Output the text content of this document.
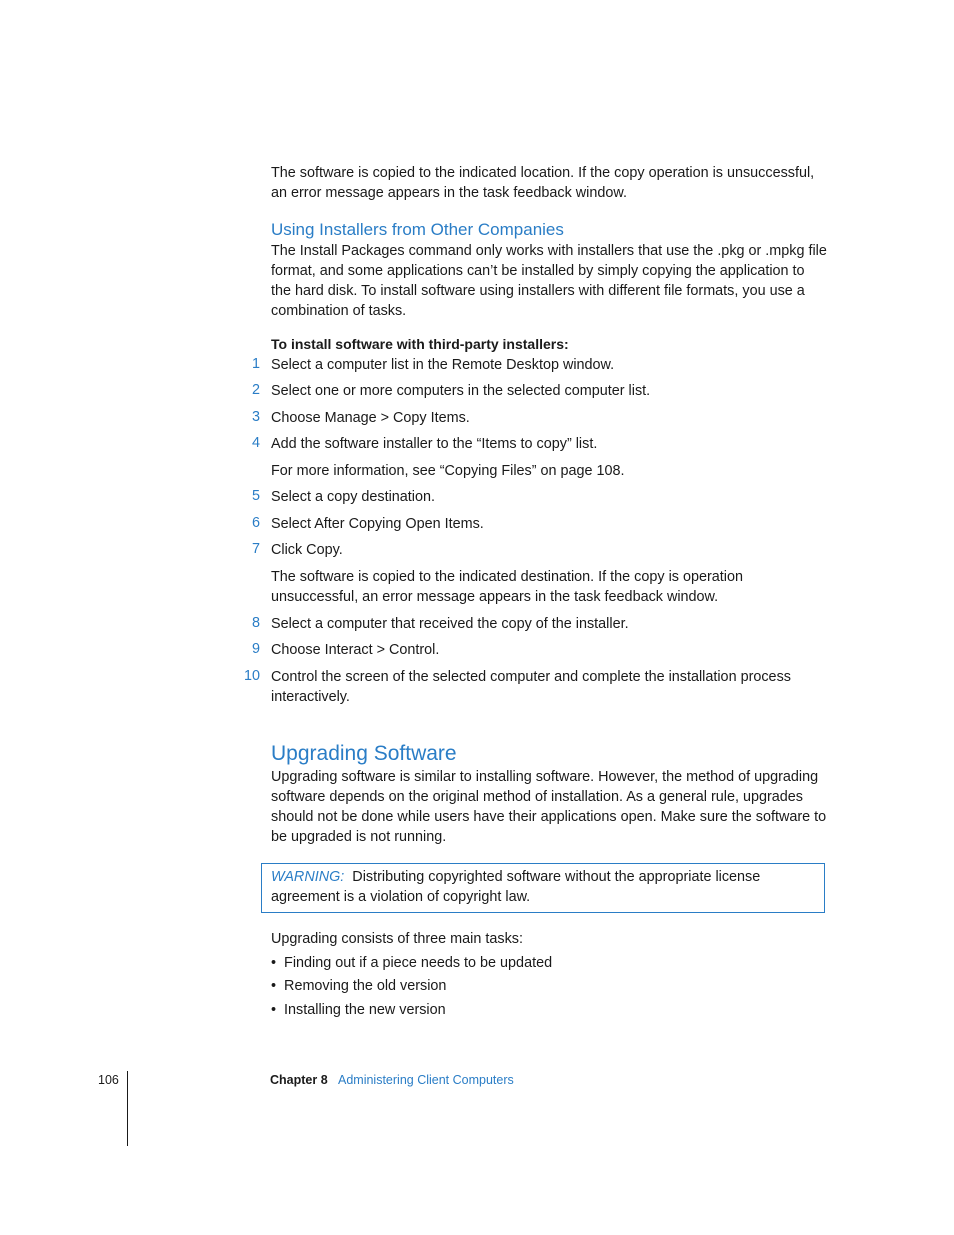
The software is copied to the indicated location. If the copy operation is unsuccessful, an error message appears in the task feedback window.
Using Installers from Other Companies
The Install Packages command only works with installers that use the .pkg or .mpkg file format, and some applications can’t be installed by simply copying the application to the hard disk. To install software using installers with different file formats, you use a combination of tasks.
To install software with third-party installers:
1 Select a computer list in the Remote Desktop window.
2 Select one or more computers in the selected computer list.
3 Choose Manage > Copy Items.
4 Add the software installer to the “Items to copy” list.
For more information, see “Copying Files” on page 108.
5 Select a copy destination.
6 Select After Copying Open Items.
7 Click Copy.
The software is copied to the indicated destination. If the copy is operation unsuccessful, an error message appears in the task feedback window.
8 Select a computer that received the copy of the installer.
9 Choose Interact > Control.
10 Control the screen of the selected computer and complete the installation process interactively.
Upgrading Software
Upgrading software is similar to installing software. However, the method of upgrading software depends on the original method of installation. As a general rule, upgrades should not be done while users have their applications open. Make sure the software to be upgraded is not running.
WARNING: Distributing copyrighted software without the appropriate license agreement is a violation of copyright law.
Upgrading consists of three main tasks:
•  Finding out if a piece needs to be updated
•  Removing the old version
•  Installing the new version
106	Chapter 8 Administering Client Computers
